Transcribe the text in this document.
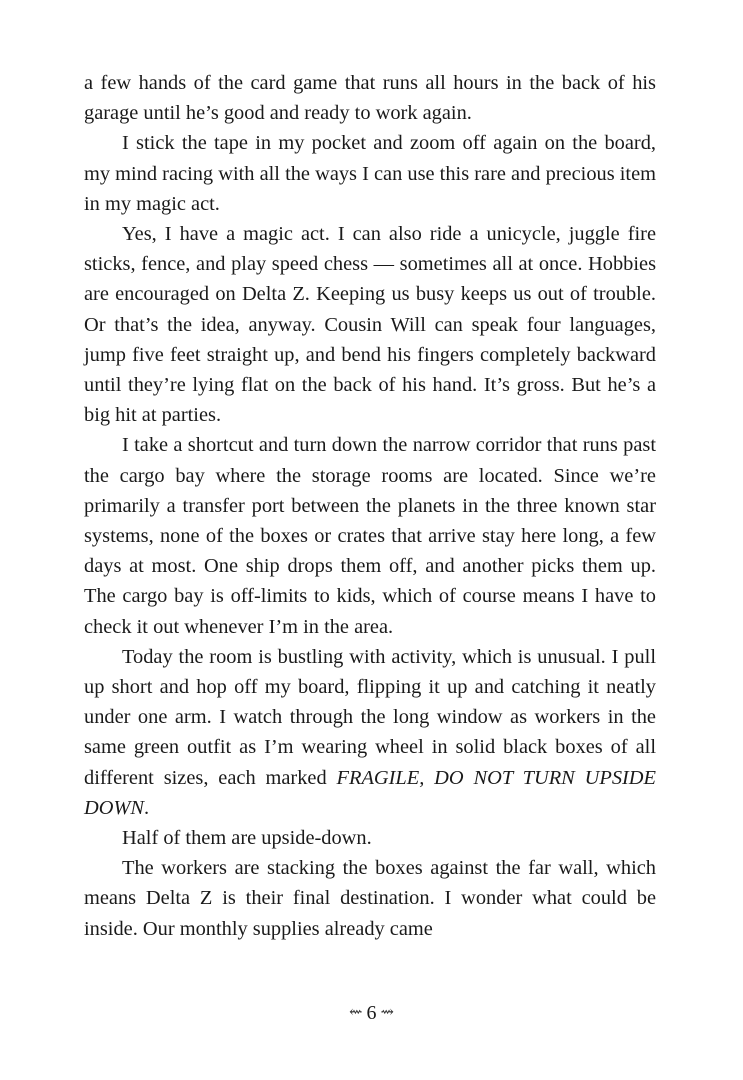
a few hands of the card game that runs all hours in the back of his garage until he’s good and ready to work again.

I stick the tape in my pocket and zoom off again on the board, my mind racing with all the ways I can use this rare and precious item in my magic act.

Yes, I have a magic act. I can also ride a unicycle, juggle fire sticks, fence, and play speed chess — sometimes all at once. Hobbies are encouraged on Delta Z. Keeping us busy keeps us out of trouble. Or that’s the idea, anyway. Cousin Will can speak four languages, jump five feet straight up, and bend his fingers completely backward until they’re lying flat on the back of his hand. It’s gross. But he’s a big hit at parties.

I take a shortcut and turn down the narrow corridor that runs past the cargo bay where the storage rooms are located. Since we’re primarily a transfer port between the planets in the three known star systems, none of the boxes or crates that arrive stay here long, a few days at most. One ship drops them off, and another picks them up. The cargo bay is off-limits to kids, which of course means I have to check it out whenever I’m in the area.

Today the room is bustling with activity, which is unusual. I pull up short and hop off my board, flipping it up and catching it neatly under one arm. I watch through the long window as workers in the same green outfit as I’m wearing wheel in solid black boxes of all different sizes, each marked FRAGILE, DO NOT TURN UPSIDE DOWN.

Half of them are upside-down.

The workers are stacking the boxes against the far wall, which means Delta Z is their final destination. I wonder what could be inside. Our monthly supplies already came

⇜ 6 ⇝
